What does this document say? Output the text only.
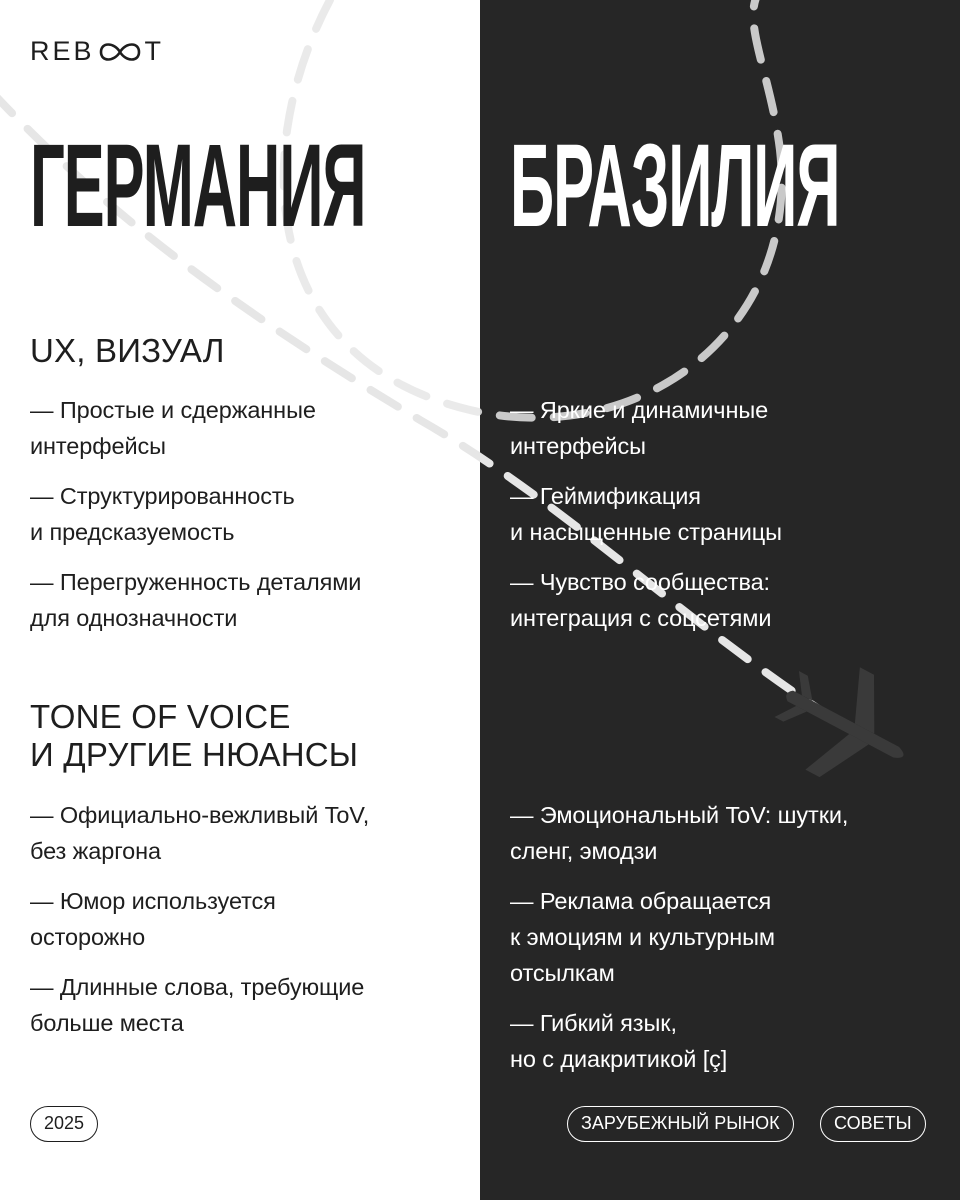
REB T
ГЕРМАНИЯ БРАЗИЛИЯ
UX, ВИЗУАЛ
— Простые и сдержанные
интерфейсы
— Структурированность
и предсказуемость
— Перегруженность деталями
для однозначности
— Яркие и динамичные
интерфейсы
— Геймификация
и насыщенные страницы
— Чувство сообщества:
интеграция с соцсетями
TONE OF VOICE
И ДРУГИЕ НЮАНСЫ
— Официально-вежливый ToV,
без жаргона
— Юмор используется
осторожно
— Длинные слова, требующие
больше места
— Эмоциональный ToV: шутки,
сленг, эмодзи
— Реклама обращается
к эмоциям и культурным
отсылкам
— Гибкий язык,
но с диакритикой [ç]
2025	ЗАРУБЕЖНЫЙ РЫНОК	СОВЕТЫ
